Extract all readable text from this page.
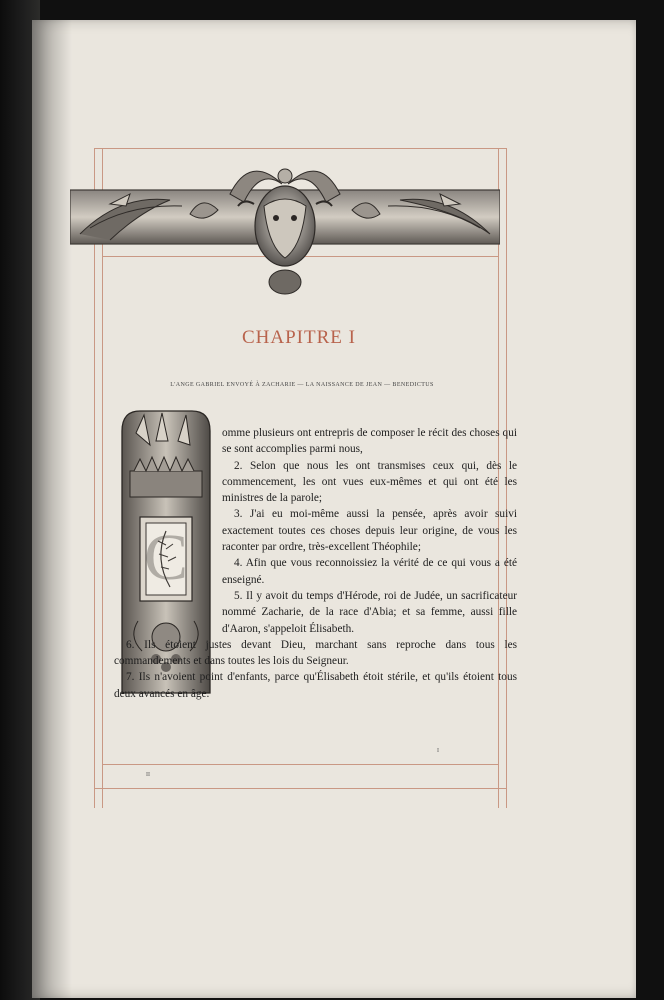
CHAPITRE I
L'ANGE GABRIEL ENVOYÉ À ZACHARIE — LA NAISSANCE DE JEAN — BENEDICTUS
C

omme plusieurs ont entrepris de composer le récit des choses qui se sont accomplies parmi nous,

2. Selon que nous les ont transmises ceux qui, dès le commencement, les ont vues eux-mêmes et qui ont été les ministres de la parole;

3. J'ai eu moi-même aussi la pensée, après avoir suivi exactement toutes ces choses depuis leur origine, de vous les raconter par ordre, très-excellent Théophile;

4. Afin que vous reconnoissiez la vérité de ce qui vous a été enseigné.

5. Il y avoit du temps d'Hérode, roi de Judée, un sacrificateur nommé Zacharie, de la race d'Abia; et sa femme, aussi fille d'Aaron, s'appeloit Élisabeth.

6. Ils étoient justes devant Dieu, marchant sans reproche dans tous les commandements et dans toutes les lois du Seigneur.

7. Ils n'avoient point d'enfants, parce qu'Élisabeth étoit stérile, et qu'ils étoient tous deux avancés en âge.

II
I
